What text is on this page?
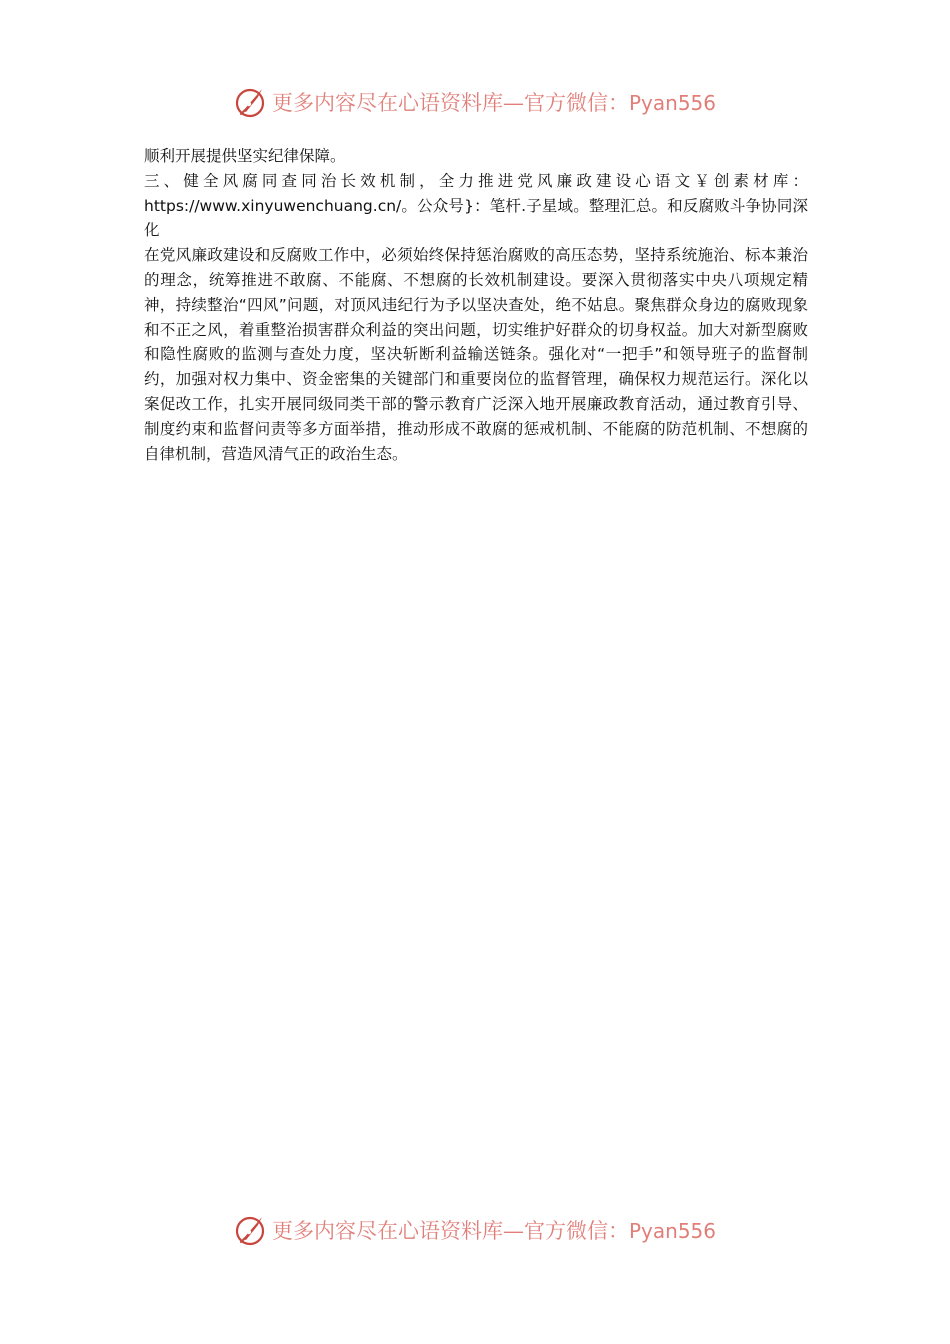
更多内容尽在心语资料库—官方微信：Pyan556

顺利开展提供坚实纪律保障。

三、健全风腐同查同治长效机制，全力推进党风廉政建设心语文￥创素材库：https://www.xinyuwenchuang.cn/。公众号}：笔杆.子星域。整理汇总。和反腐败斗争协同深化

在党风廉政建设和反腐败工作中，必须始终保持惩治腐败的高压态势，坚持系统施治、标本兼治的理念，统筹推进不敢腐、不能腐、不想腐的长效机制建设。要深入贯彻落实中央八项规定精神，持续整治“四风”问题，对顶风违纪行为予以坚决查处，绝不姑息。聚焦群众身边的腐败现象和不正之风，着重整治损害群众利益的突出问题，切实维护好群众的切身权益。加大对新型腐败和隐性腐败的监测与查处力度，坚决斩断利益输送链条。强化对“一把手”和领导班子的监督制约，加强对权力集中、资金密集的关键部门和重要岗位的监督管理，确保权力规范运行。深化以案促改工作，扎实开展同级同类干部的警示教育广泛深入地开展廉政教育活动，通过教育引导、制度约束和监督问责等多方面举措，推动形成不敢腐的惩戒机制、不能腐的防范机制、不想腐的自律机制，营造风清气正的政治生态。

更多内容尽在心语资料库—官方微信：Pyan556
